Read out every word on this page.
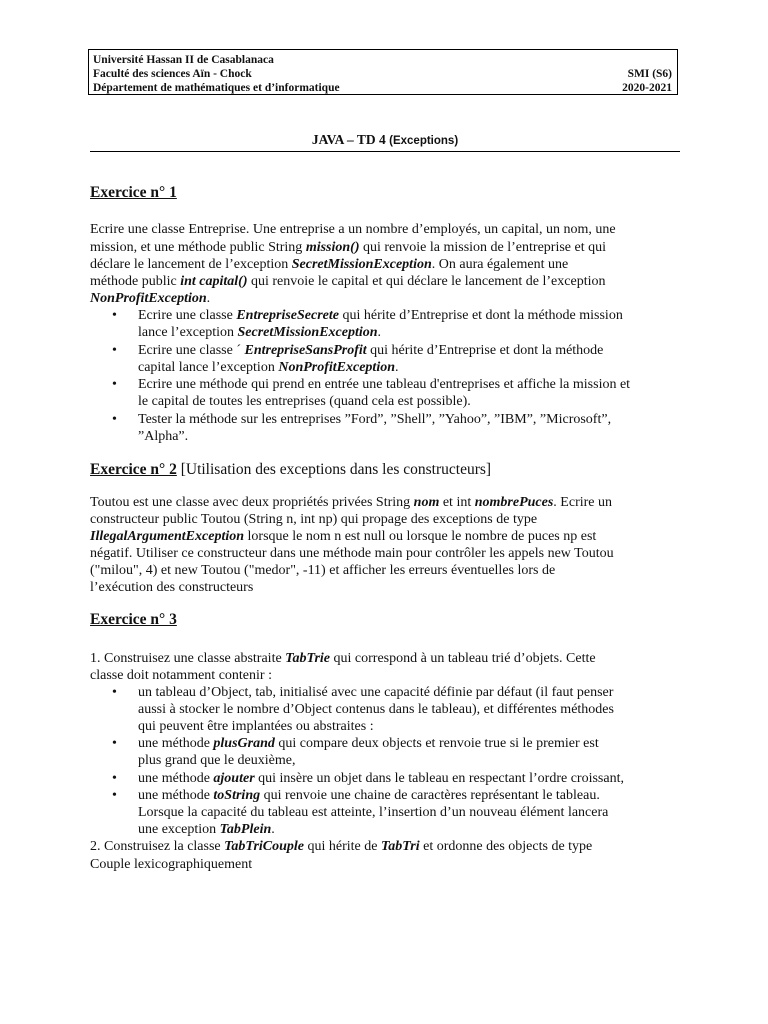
Université Hassan II de Casablanaca
Faculté des sciences Aïn - Chock	SMI (S6)
Département de mathématiques et d’informatique	2020-2021
JAVA – TD 4 (Exceptions)
Exercice n° 1
Ecrire une classe Entreprise. Une entreprise a un nombre d’employés, un capital, un nom, une
mission, et une méthode public String mission() qui renvoie la mission de l’entreprise et qui
déclare le lancement de l’exception SecretMissionException. On aura également une
méthode public int capital() qui renvoie le capital et qui déclare le lancement de l’exception
NonProfitException.
• Ecrire une classe EntrepriseSecrete qui hérite d’Entreprise et dont la méthode mission
lance l’exception SecretMissionException.
• Ecrire une classe ´ EntrepriseSansProfit qui hérite d’Entreprise et dont la méthode
capital lance l’exception NonProfitException.
• Ecrire une méthode qui prend en entrée une tableau d'entreprises et affiche la mission et
le capital de toutes les entreprises (quand cela est possible).
• Tester la méthode sur les entreprises ”Ford”, ”Shell”, ”Yahoo”, ”IBM”, ”Microsoft”,
”Alpha”.
Exercice n° 2 [Utilisation des exceptions dans les constructeurs]
Toutou est une classe avec deux propriétés privées String nom et int nombrePuces. Ecrire un
constructeur public Toutou (String n, int np) qui propage des exceptions de type
IllegalArgumentException lorsque le nom n est null ou lorsque le nombre de puces np est
négatif. Utiliser ce constructeur dans une méthode main pour contrôler les appels new Toutou
("milou", 4) et new Toutou ("medor", -11) et afficher les erreurs éventuelles lors de
l’exécution des constructeurs
Exercice n° 3
1. Construisez une classe abstraite TabTrie qui correspond à un tableau trié d’objets. Cette
classe doit notamment contenir :
• un tableau d’Object, tab, initialisé avec une capacité définie par défaut (il faut penser
aussi à stocker le nombre d’Object contenus dans le tableau), et différentes méthodes
qui peuvent être implantées ou abstraites :
• une méthode plusGrand qui compare deux objects et renvoie true si le premier est
plus grand que le deuxième,
• une méthode ajouter qui insère un objet dans le tableau en respectant l’ordre croissant,
• une méthode toString qui renvoie une chaine de caractères représentant le tableau.
Lorsque la capacité du tableau est atteinte, l’insertion d’un nouveau élément lancera
une exception TabPlein.
2. Construisez la classe TabTriCouple qui hérite de TabTri et ordonne des objects de type
Couple lexicographiquement
